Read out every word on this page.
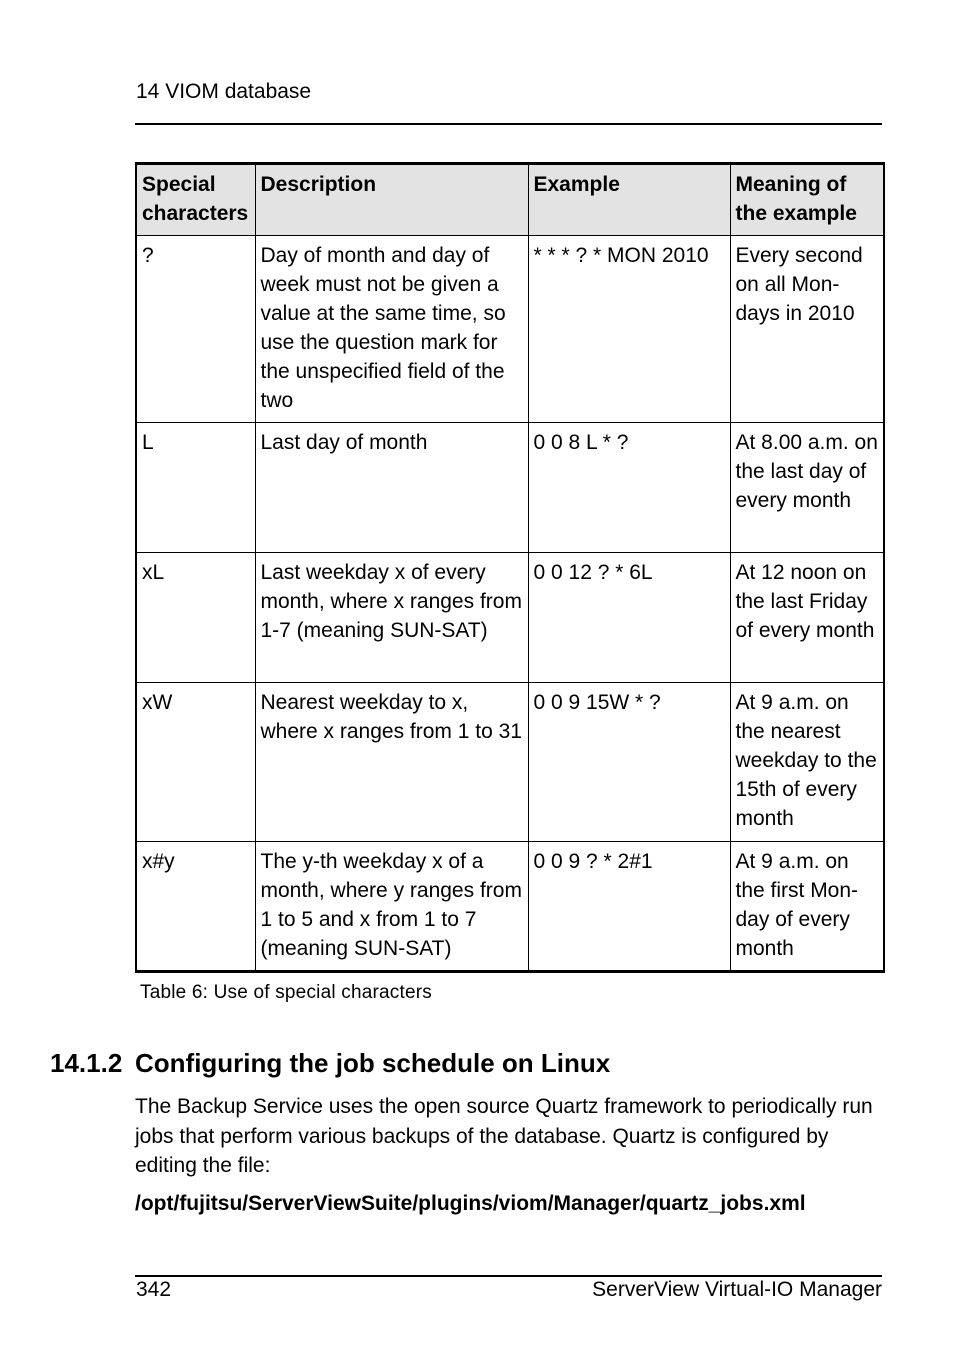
14 VIOM database
Special characters	Description	Example	Meaning of the example
?	Day of month and day of week must not be given a value at the same time, so use the question mark for the unspecified field of the two	* * * ? * MON 2010	Every second on all Mon-days in 2010
L	Last day of month	0 0 8 L * ?	At 8.00 a.m. on the last day of every month
xL	Last weekday x of every month, where x ranges from 1-7 (meaning SUN-SAT)	0 0 12 ? * 6L	At 12 noon on the last Friday of every month
xW	Nearest weekday to x, where x ranges from 1 to 31	0 0 9 15W * ?	At 9 a.m. on the nearest weekday to the 15th of every month
x#y	The y-th weekday x of a month, where y ranges from 1 to 5 and x from 1 to 7 (meaning SUN-SAT)	0 0 9 ? * 2#1	At 9 a.m. on the first Mon-day of every month
Table 6: Use of special characters
14.1.2 Configuring the job schedule on Linux

The Backup Service uses the open source Quartz framework to periodically run jobs that perform various backups of the database. Quartz is configured by editing the file:

/opt/fujitsu/ServerViewSuite/plugins/viom/Manager/quartz_jobs.xml

342	ServerView Virtual-IO Manager
